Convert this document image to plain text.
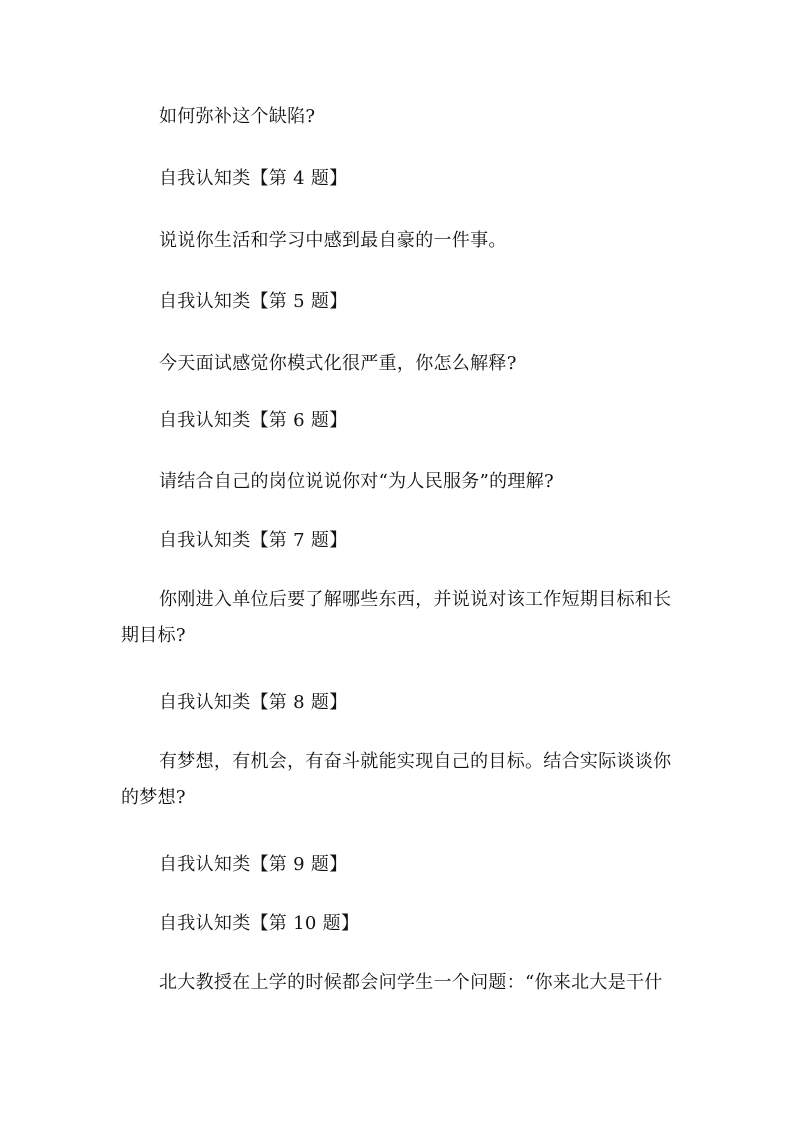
如何弥补这个缺陷?
自我认知类【第 4 题】
说说你生活和学习中感到最自豪的一件事。
自我认知类【第 5 题】
今天面试感觉你模式化很严重，你怎么解释?
自我认知类【第 6 题】
请结合自己的岗位说说你对“为人民服务”的理解?
自我认知类【第 7 题】
你刚进入单位后要了解哪些东西，并说说对该工作短期目标和长期目标?
自我认知类【第 8 题】
有梦想，有机会，有奋斗就能实现自己的目标。结合实际谈谈你的梦想?
自我认知类【第 9 题】
自我认知类【第 10 题】
北大教授在上学的时候都会问学生一个问题：“你来北大是干什
